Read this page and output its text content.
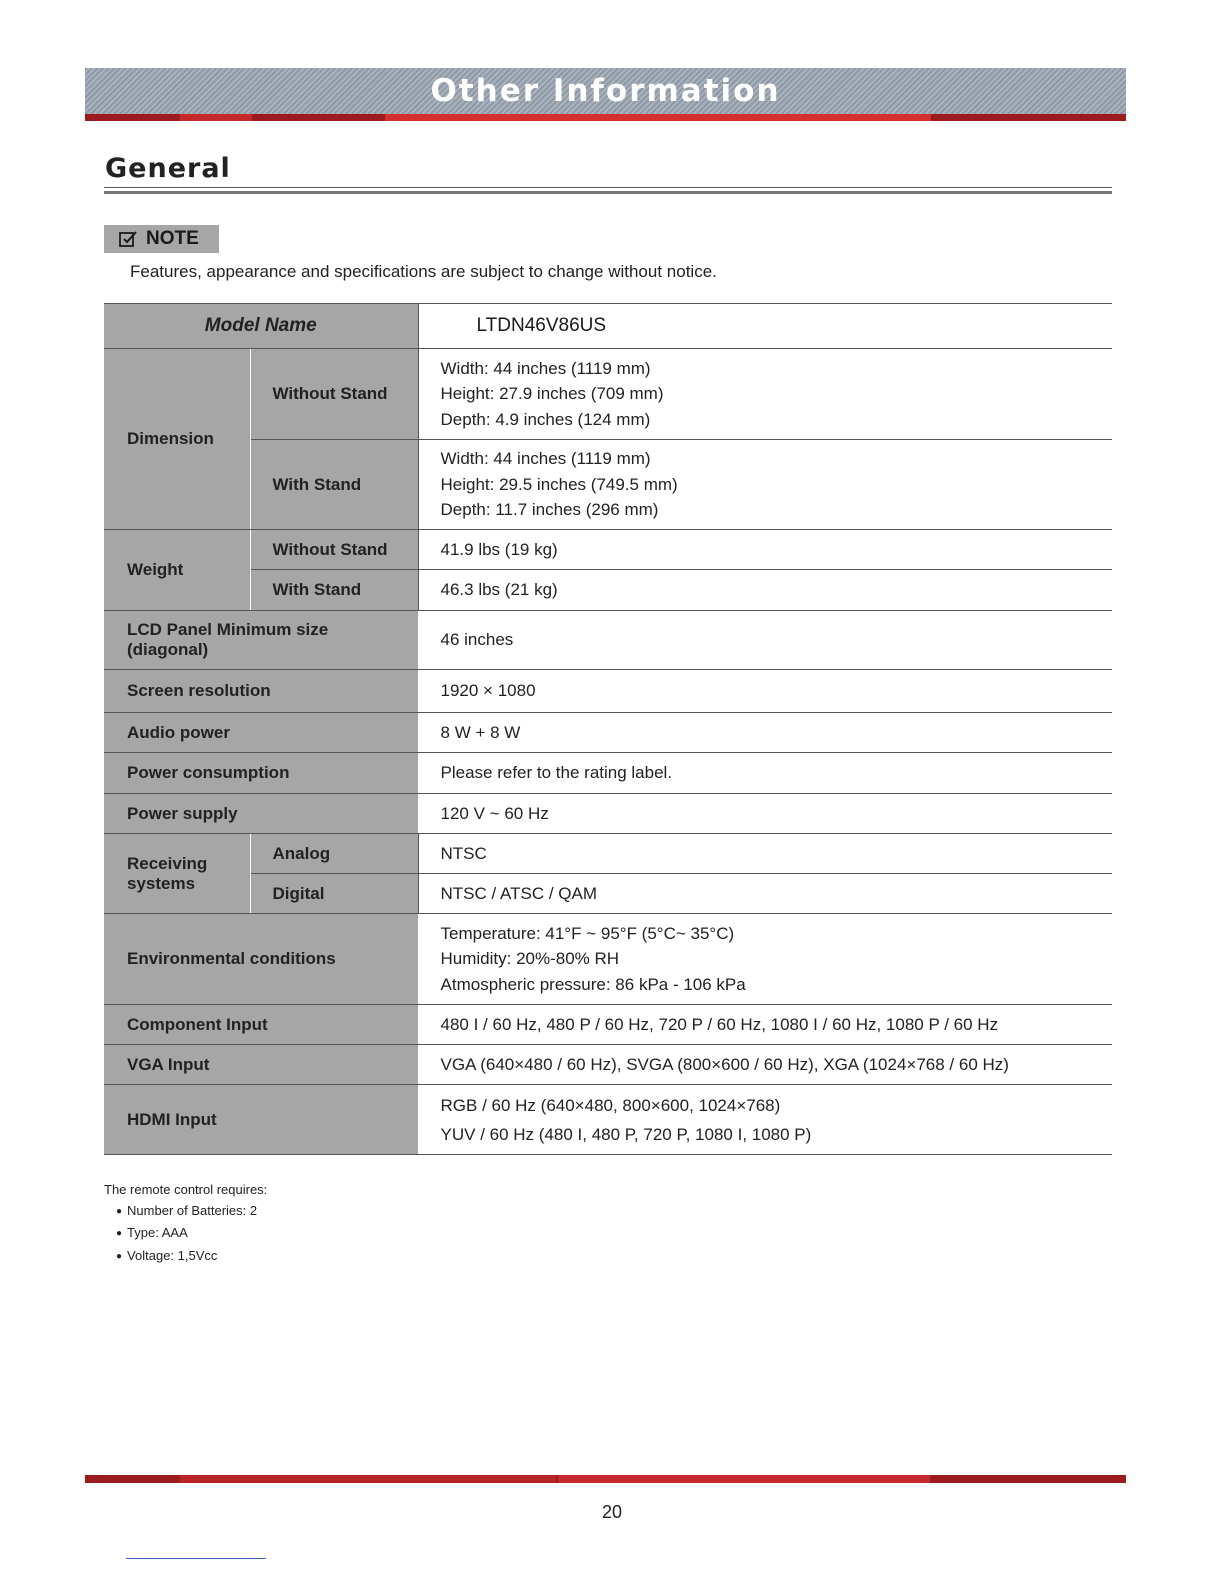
Other Information
General
NOTE
Features, appearance and specifications are subject to change without notice.
Model Name		LTDN46V86US
Dimension	Without Stand	Width: 44 inches (1119 mm)
Height: 27.9 inches (709 mm)
Depth: 4.9 inches (124 mm)

	With Stand	Width: 44 inches (1119 mm)
Height: 29.5 inches (749.5 mm)
Depth: 11.7 inches (296 mm)

Weight	Without Stand	41.9 lbs (19 kg)
	With Stand	46.3 lbs (21 kg)

LCD Panel Minimum size
(diagonal)		46 inches
Screen resolution		1920 × 1080
Audio power		8 W + 8 W
Power consumption		Please refer to the rating label.
Power supply		120 V ~ 60 Hz

Receiving
systems	Analog	NTSC
	Digital	NTSC / ATSC / QAM
Environmental conditions		Temperature: 41°F ~ 95°F (5°C~ 35°C)
Humidity: 20%-80% RH
Atmospheric pressure: 86 kPa - 106 kPa

Component Input		480 I / 60 Hz, 480 P / 60 Hz, 720 P / 60 Hz, 1080 I / 60 Hz, 1080 P / 60 Hz
VGA Input		VGA (640×480 / 60 Hz), SVGA (800×600 / 60 Hz), XGA (1024×768 / 60 Hz)
HDMI Input		RGB / 60 Hz (640×480, 800×600, 1024×768)
YUV / 60 Hz (480 I, 480 P, 720 P, 1080 I, 1080 P)
The remote control requires:
● Number of Batteries: 2
● Type: AAA
● Voltage: 1,5Vcc
20
